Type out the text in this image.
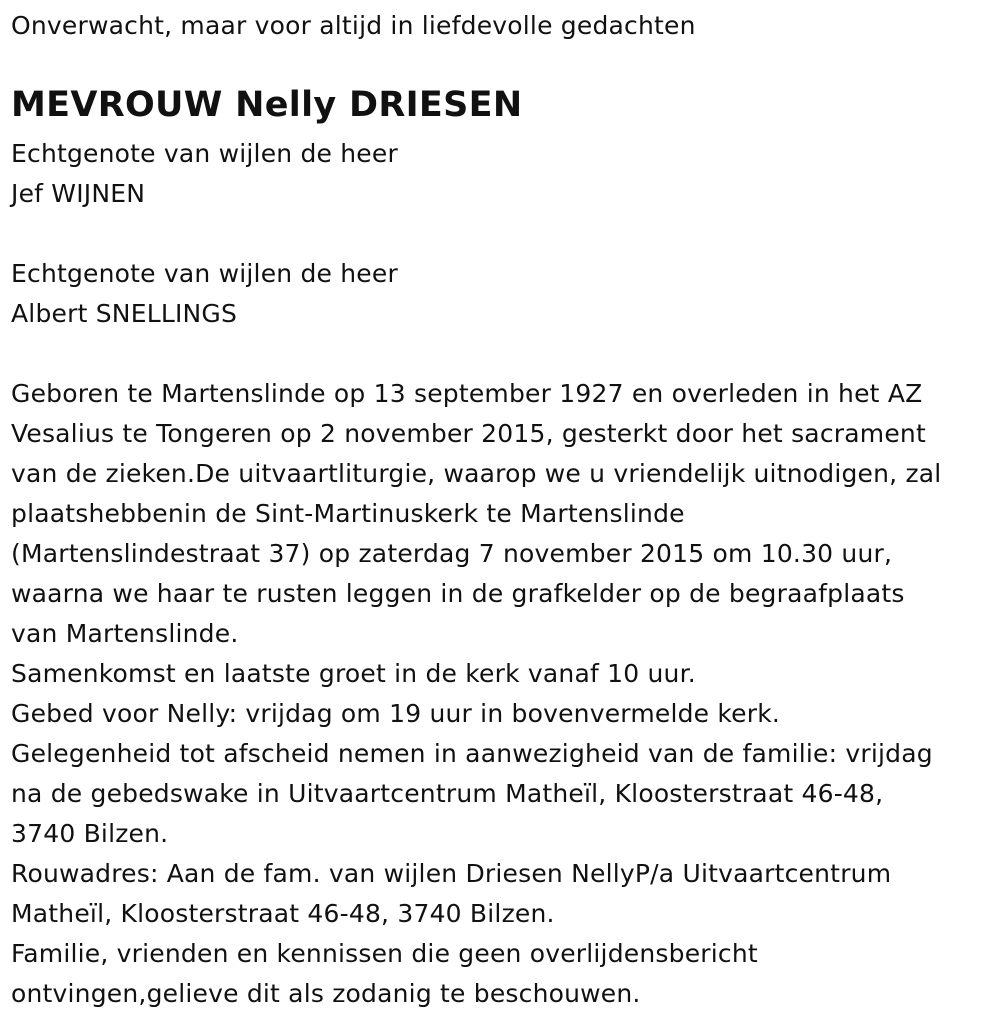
Onverwacht, maar voor altijd in liefdevolle gedachten
MEVROUW Nelly DRIESEN
Echtgenote van wijlen de heer
Jef WIJNEN
Echtgenote van wijlen de heer
Albert SNELLINGS
Geboren te Martenslinde op 13 september 1927 en overleden in het AZ
Vesalius te Tongeren op 2 november 2015, gesterkt door het sacrament
van de zieken.De uitvaartliturgie, waarop we u vriendelijk uitnodigen, zal
plaatshebbenin de Sint-Martinuskerk te Martenslinde
(Martenslindestraat 37) op zaterdag 7 november 2015 om 10.30 uur,
waarna we haar te rusten leggen in de grafkelder op de begraafplaats
van Martenslinde.
Samenkomst en laatste groet in de kerk vanaf 10 uur.
Gebed voor Nelly: vrijdag om 19 uur in bovenvermelde kerk.
Gelegenheid tot afscheid nemen in aanwezigheid van de familie: vrijdag
na de gebedswake in Uitvaartcentrum Matheïl, Kloosterstraat 46-48,
3740 Bilzen.
Rouwadres: Aan de fam. van wijlen Driesen NellyP/a Uitvaartcentrum
Matheïl, Kloosterstraat 46-48, 3740 Bilzen.
Familie, vrienden en kennissen die geen overlijdensbericht
ontvingen,gelieve dit als zodanig te beschouwen.
